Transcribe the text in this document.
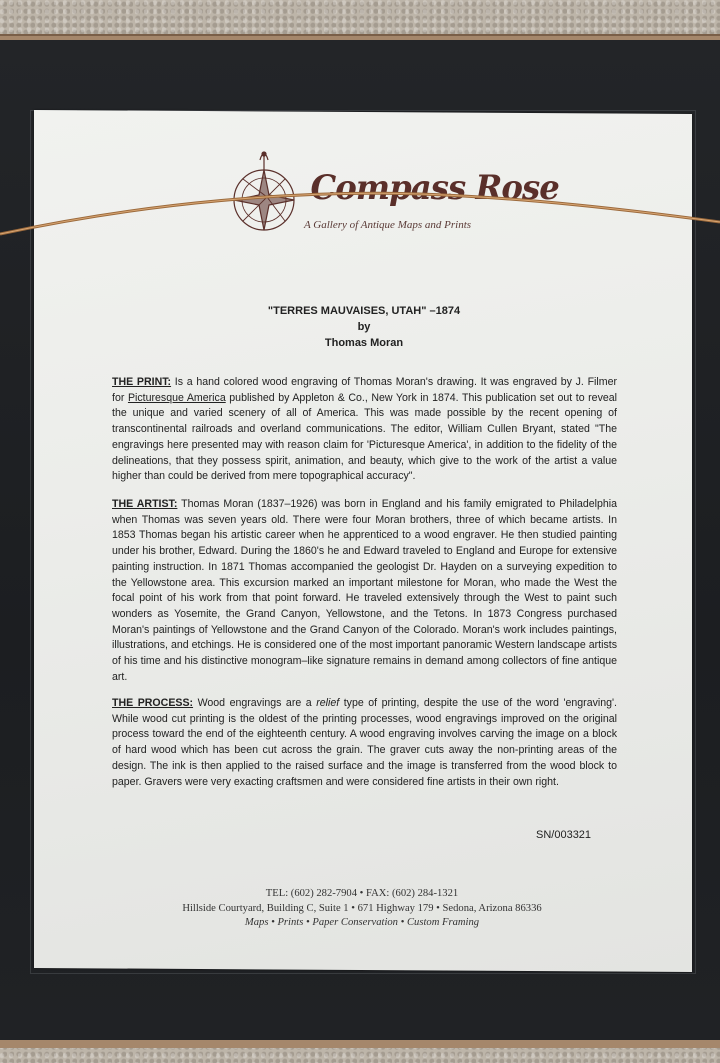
Compass Rose
A Gallery of Antique Maps and Prints
"TERRES MAUVAISES, UTAH" –1874
by
Thomas Moran
THE PRINT: Is a hand colored wood engraving of Thomas Moran's drawing. It was engraved by J. Filmer for Picturesque America published by Appleton & Co., New York in 1874. This publication set out to reveal the unique and varied scenery of all of America. This was made possible by the recent opening of transcontinental railroads and overland communications. The editor, William Cullen Bryant, stated "The engravings here presented may with reason claim for 'Picturesque America', in addition to the fidelity of the delineations, that they possess spirit, animation, and beauty, which give to the work of the artist a value higher than could be derived from mere topographical accuracy".
THE ARTIST: Thomas Moran (1837–1926) was born in England and his family emigrated to Philadelphia when Thomas was seven years old. There were four Moran brothers, three of which became artists. In 1853 Thomas began his artistic career when he apprenticed to a wood engraver. He then studied painting under his brother, Edward. During the 1860's he and Edward traveled to England and Europe for extensive painting instruction. In 1871 Thomas accompanied the geologist Dr. Hayden on a surveying expedition to the Yellowstone area. This excursion marked an important milestone for Moran, who made the West the focal point of his work from that point forward. He traveled extensively through the West to paint such wonders as Yosemite, the Grand Canyon, Yellowstone, and the Tetons. In 1873 Congress purchased Moran's paintings of Yellowstone and the Grand Canyon of the Colorado. Moran's work includes paintings, illustrations, and etchings. He is considered one of the most important panoramic Western landscape artists of his time and his distinctive monogram–like signature remains in demand among collectors of fine antique art.
THE PROCESS: Wood engravings are a relief type of printing, despite the use of the word 'engraving'. While wood cut printing is the oldest of the printing processes, wood engravings improved on the original process toward the end of the eighteenth century. A wood engraving involves carving the image on a block of hard wood which has been cut across the grain. The graver cuts away the non-printing areas of the design. The ink is then applied to the raised surface and the image is transferred from the wood block to paper. Gravers were very exacting craftsmen and were considered fine artists in their own right.
SN/003321
TEL: (602) 282-7904 • FAX: (602) 284-1321
Hillside Courtyard, Building C, Suite 1 • 671 Highway 179 • Sedona, Arizona 86336
Maps • Prints • Paper Conservation • Custom Framing
